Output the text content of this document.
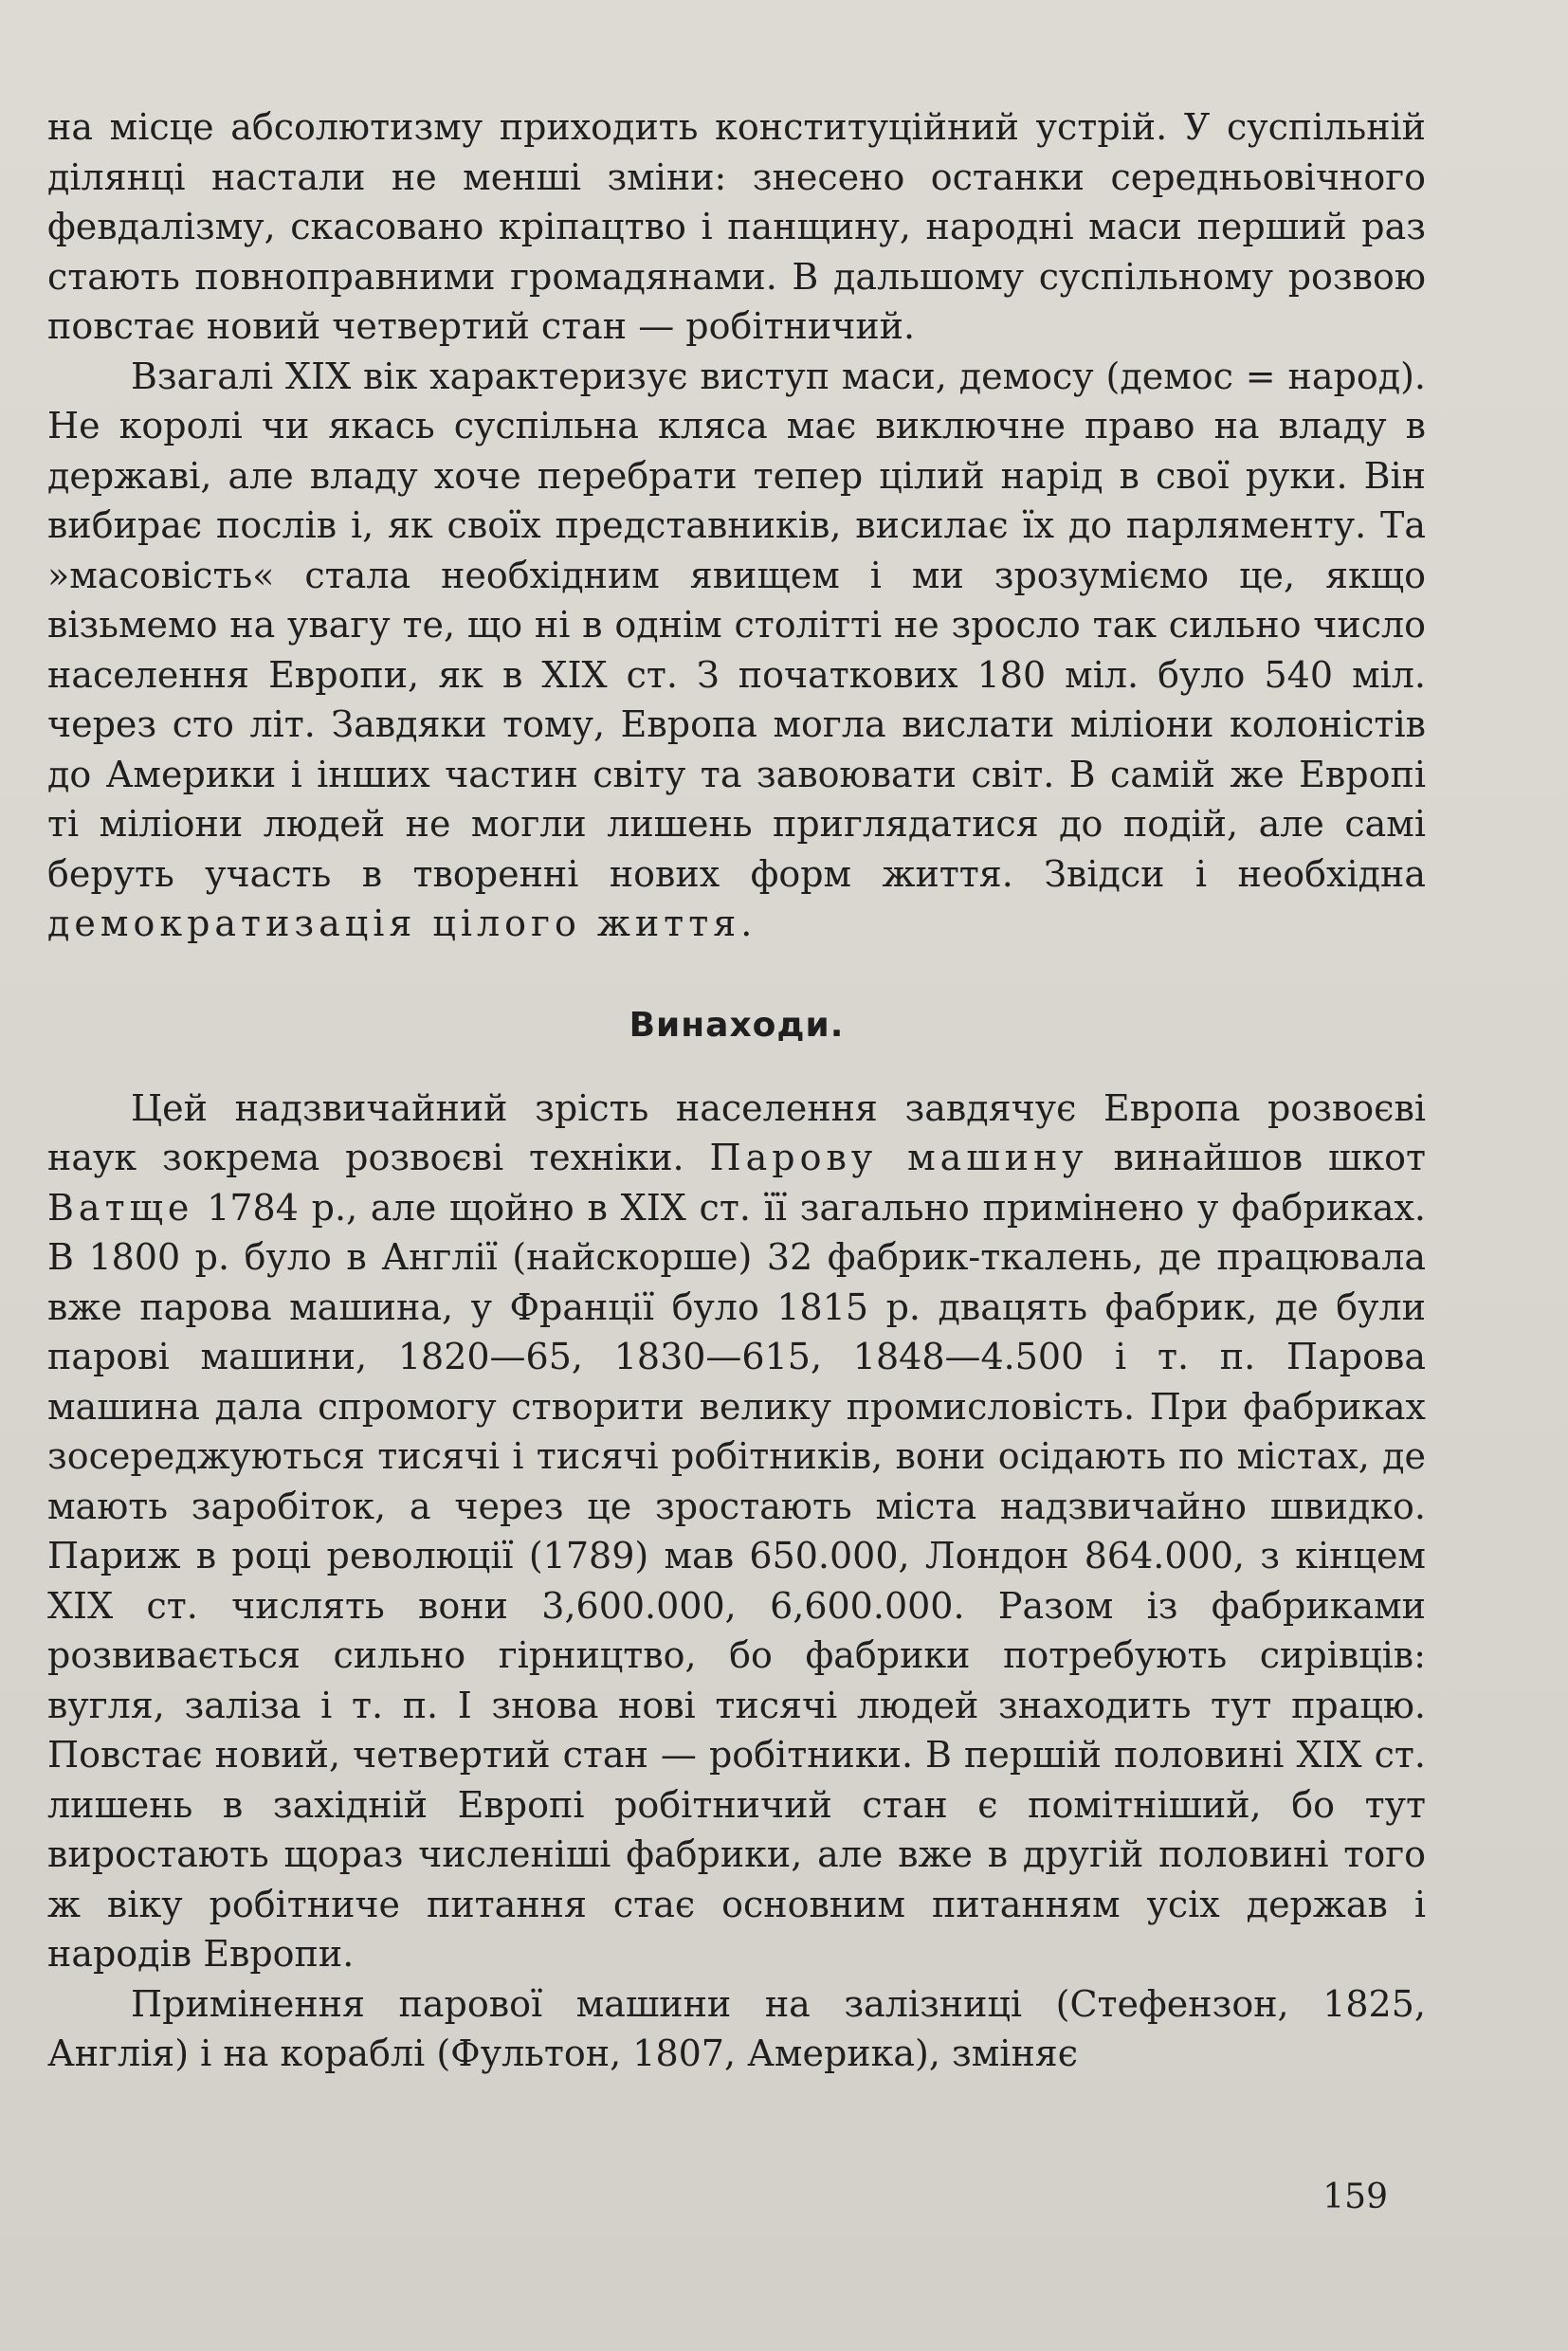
на місце абсолютизму приходить конституційний устрій. У суспільній ділянці настали не менші зміни: знесено останки середньовічного февдалізму, скасовано кріпацтво і панщину, народні маси перший раз стають повноправними громадянами. В дальшому суспільному розвою повстає новий четвертий стан — робітничий.

Взагалі XIX вік характеризує виступ маси, демосу (демос = народ). Не королі чи якась суспільна кляса має виключне право на владу в державі, але владу хоче перебрати тепер цілий нарід в свої руки. Він вибирає послів і, як своїх представників, висилає їх до парляменту. Та »масовість« стала необхідним явищем і ми зрозуміємо це, якщо візьмемо на увагу те, що ні в однім столітті не зросло так сильно число населення Европи, як в XIX ст. З початкових 180 міл. було 540 міл. через сто літ. Завдяки тому, Европа могла вислати міліони колоністів до Америки і інших частин світу та завоювати світ. В самій же Европі ті міліони людей не могли лишень приглядатися до подій, але самі беруть участь в творенні нових форм життя. Звідси і необхідна демократизація цілого життя.

Винаходи.

Цей надзвичайний зрість населення завдячує Европа розвоєві наук зокрема розвоєві техніки. Парову машину винайшов шкот Ватще 1784 р., але щойно в XIX ст. її загально примінено у фабриках. В 1800 р. було в Англії (найскорше) 32 фабрик-ткалень, де працювала вже парова машина, у Франції було 1815 р. двацять фабрик, де були парові машини, 1820—65, 1830—615, 1848—4.500 і т. п. Парова машина дала спромогу створити велику промисловість. При фабриках зосереджуються тисячі і тисячі робітників, вони осідають по містах, де мають заробіток, а через це зростають міста надзвичайно швидко. Париж в році революції (1789) мав 650.000, Лондон 864.000, з кінцем XIX ст. числять вони 3,600.000, 6,600.000. Разом із фабриками розвивається сильно гірництво, бо фабрики потребують сирівців: вугля, заліза і т. п. І знова нові тисячі людей знаходить тут працю. Повстає новий, четвертий стан — робітники. В першій половині XIX ст. лишень в західній Европі робітничий стан є помітніший, бо тут виростають щораз численіші фабрики, але вже в другій половині того ж віку робітниче питання стає основним питанням усіх держав і народів Европи.

Примінення парової машини на залізниці (Стефензон, 1825, Англія) і на кораблі (Фультон, 1807, Америка), зміняє

159
